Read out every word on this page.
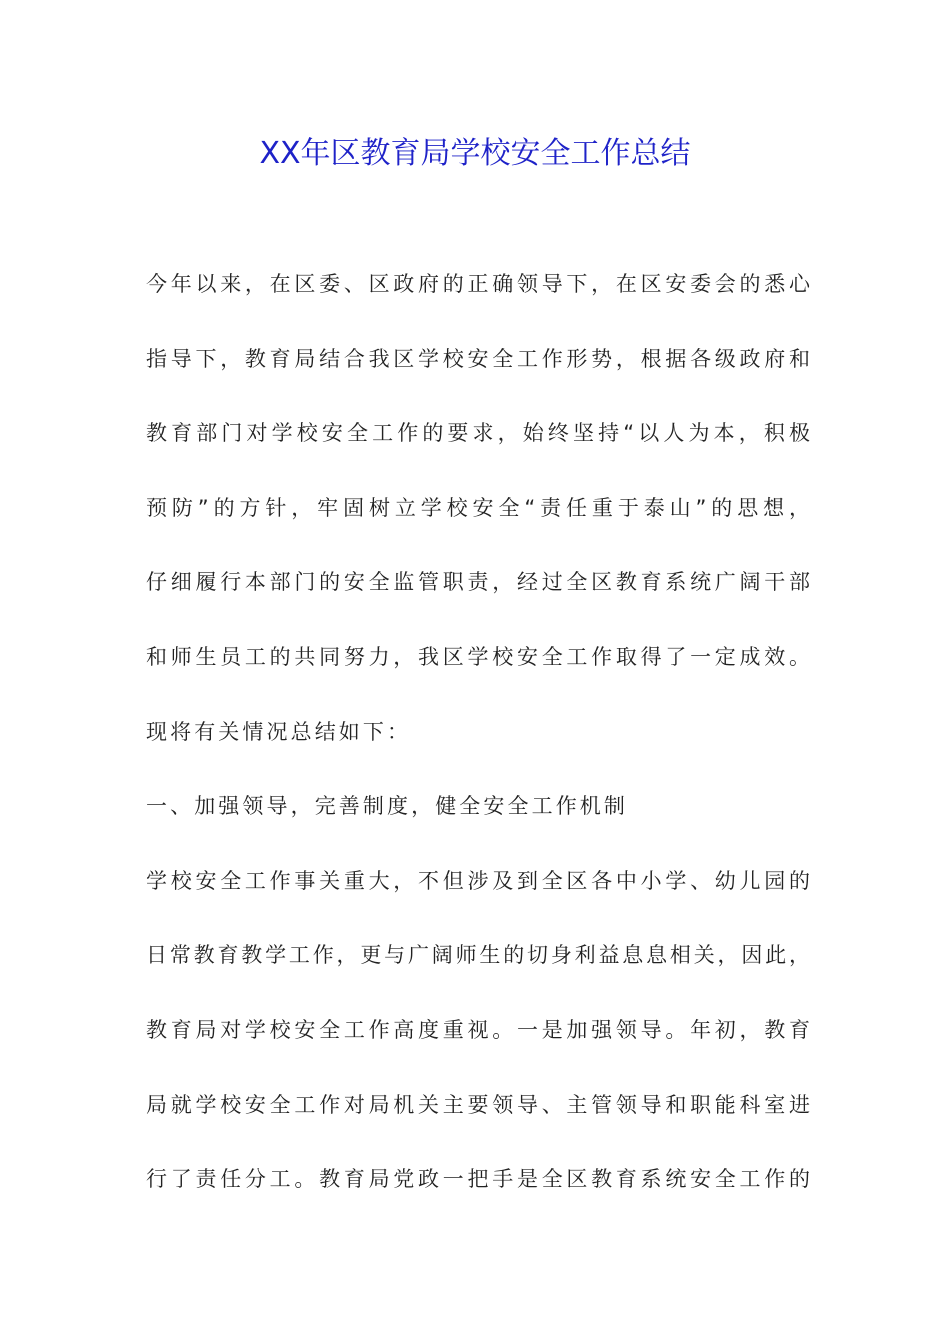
XX年区教育局学校安全工作总结
今年以来，在区委、区政府的正确领导下，在区安委会的悉心
指导下，教育局结合我区学校安全工作形势，根据各级政府和
教育部门对学校安全工作的要求，始终坚持“以人为本，积极
预防”的方针，牢固树立学校安全“责任重于泰山”的思想，
仔细履行本部门的安全监管职责，经过全区教育系统广阔干部
和师生员工的共同努力，我区学校安全工作取得了一定成效。
现将有关情况总结如下：
一、加强领导，完善制度，健全安全工作机制
学校安全工作事关重大，不但涉及到全区各中小学、幼儿园的
日常教育教学工作，更与广阔师生的切身利益息息相关，因此，
教育局对学校安全工作高度重视。一是加强领导。年初，教育
局就学校安全工作对局机关主要领导、主管领导和职能科室进
行了责任分工。教育局党政一把手是全区教育系统安全工作的
